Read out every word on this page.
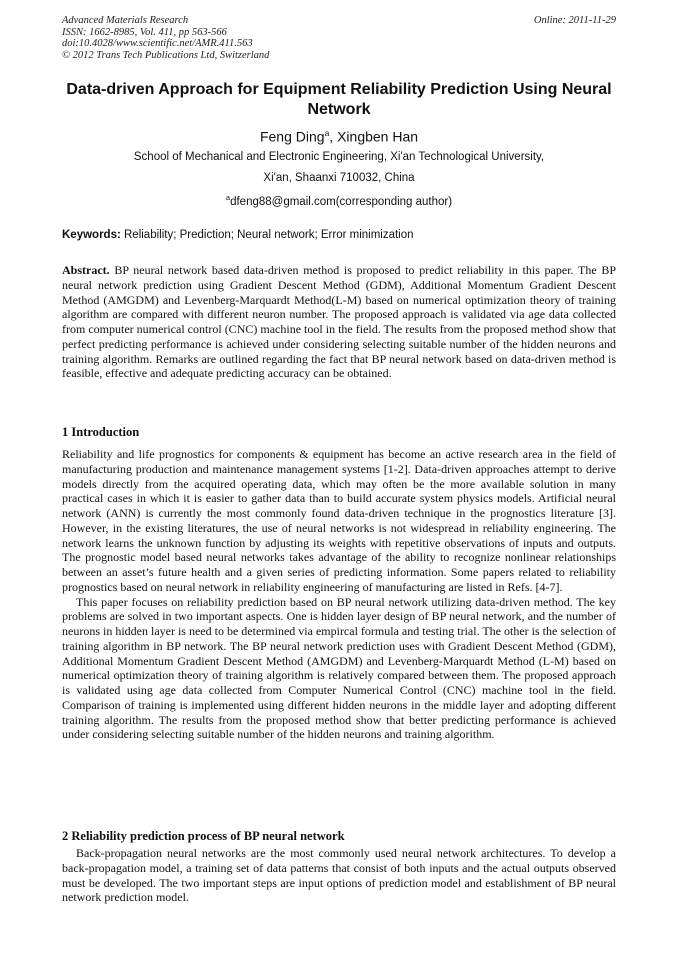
Advanced Materials Research
ISSN: 1662-8985, Vol. 411, pp 563-566
doi:10.4028/www.scientific.net/AMR.411.563
© 2012 Trans Tech Publications Ltd, Switzerland
Online: 2011-11-29
Data-driven Approach for Equipment Reliability Prediction Using Neural Network
Feng Ding$^a$, Xingben Han
School of Mechanical and Electronic Engineering, Xi'an Technological University,
Xi'an, Shaanxi 710032, China
$^a$dfeng88@gmail.com(corresponding author)
Keywords: Reliability; Prediction; Neural network; Error minimization

Abstract. BP neural network based data-driven method is proposed to predict reliability in this paper. The BP neural network prediction using Gradient Descent Method (GDM), Additional Momentum Gradient Descent Method (AMGDM) and Levenberg-Marquardt Method(L-M) based on numerical optimization theory of training algorithm are compared with different neuron number. The proposed approach is validated via age data collected from computer numerical control (CNC) machine tool in the field. The results from the proposed method show that perfect predicting performance is achieved under considering selecting suitable number of the hidden neurons and training algorithm. Remarks are outlined regarding the fact that BP neural network based on data-driven method is feasible, effective and adequate predicting accuracy can be obtained.

1 Introduction

Reliability and life prognostics for components & equipment has become an active research area in the field of manufacturing production and maintenance management systems [1-2]. Data-driven approaches attempt to derive models directly from the acquired operating data, which may often be the more available solution in many practical cases in which it is easier to gather data than to build accurate system physics models. Artificial neural network (ANN) is currently the most commonly found data-driven technique in the prognostics literature [3]. However, in the existing literatures, the use of neural networks is not widespread in reliability engineering. The network learns the unknown function by adjusting its weights with repetitive observations of inputs and outputs. The prognostic model based neural networks takes advantage of the ability to recognize nonlinear relationships between an asset’s future health and a given series of predicting information. Some papers related to reliability prognostics based on neural network in reliability engineering of manufacturing are listed in Refs. [4-7].

This paper focuses on reliability prediction based on BP neural network utilizing data-driven method. The key problems are solved in two important aspects. One is hidden layer design of BP neural network, and the number of neurons in hidden layer is need to be determined via empircal formula and testing trial. The other is the selection of training algorithm in BP network. The BP neural network prediction uses with Gradient Descent Method (GDM), Additional Momentum Gradient Descent Method (AMGDM) and Levenberg-Marquardt Method (L-M) based on numerical optimization theory of training algorithm is relatively compared between them. The proposed approach is validated using age data collected from Computer Numerical Control (CNC) machine tool in the field. Comparison of training is implemented using different hidden neurons in the middle layer and adopting different training algorithm. The results from the proposed method show that better predicting performance is achieved under considering selecting suitable number of the hidden neurons and training algorithm.

2 Reliability prediction process of BP neural network

Back-propagation neural networks are the most commonly used neural network architectures. To develop a back-propagation model, a training set of data patterns that consist of both inputs and the actual outputs observed must be developed. The two important steps are input options of prediction model and establishment of BP neural network prediction model.
